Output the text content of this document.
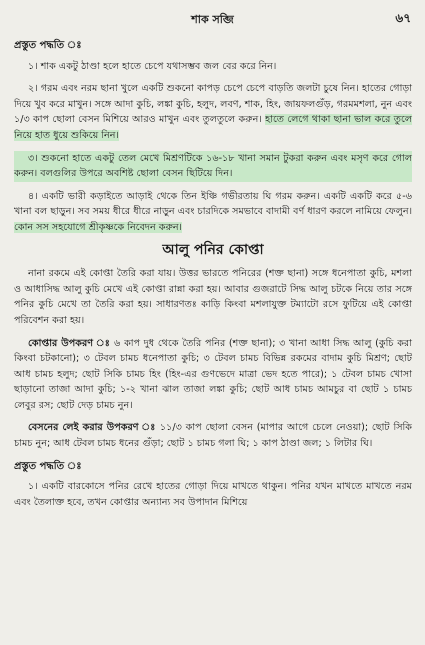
শাক সব্জি	৬৭
প্রস্তুত পদ্ধতি ঃ

১। শাক একটু ঠাণ্ডা হলে হাতে চেপে যথাসম্ভব জল বের করে নিন।

২। গরম এবং নরম ছানা খুলে একটি শুকনো কাপড় চেপে চেপে বাড়তি জলটা চুষে নিন। হাতের গোড়া দিয়ে খুব করে মাখুন। সঙ্গে আদা কুচি, লঙ্কা কুচি, হলুদ, লবণ, শাক, হিং, জায়ফলগুঁড়, গরমমশলা, নুন এবং ১/৩ কাপ ছোলা বেসন মিশিয়ে আরও মাখুন এবং তুলতুলে করুন। হাতে লেগে থাকা ছানা ভাল করে তুলে নিয়ে হাত ধুয়ে শুকিয়ে নিন।

৩। শুকনো হাতে একটু তেল মেখে মিশ্রণটিকে ১৬-১৮ খানা সমান টুকরা করুন এবং মসৃণ করে গোল করুন। বলগুলির উপরে অবশিষ্ট ছোলা বেসন ছিটিয়ে দিন।

৪। একটি ভারী কড়াইতে আড়াই থেকে তিন ইঞ্চি গভীরতায় ঘি গরম করুন। একটি একটি করে ৫-৬ খানা বল ছাড়ুন। সব সময় ধীরে ধীরে নাড়ুন এবং চারদিকে সমভাবে বাদামী বর্ণ ধারণ করলে নামিয়ে ফেলুন। কোন সস সহযোগে শ্রীকৃষ্ণকে নিবেদন করুন।

আলু পনির কোপ্তা

নানা রকমে এই কোপ্তা তৈরি করা যায়। উত্তর ভারতে পনিরের (শক্ত ছানা) সঙ্গে ধনেপাতা কুচি, মশলা ও আধাসিদ্ধ আলু কুচি মেখে এই কোপ্তা রান্না করা হয়। আবার গুজরাটে সিদ্ধ আলু চটকে নিয়ে তার সঙ্গে পনির কুচি মেখে তা তৈরি করা হয়। সাধারণতঃ কাড়ি কিংবা মশলাযুক্ত টম্যাটো রসে ফুটিয়ে এই কোপ্তা পরিবেশন করা হয়।

কোপ্তার উপকরণ ঃ ৬ কাপ দুধ থেকে তৈরি পনির (শক্ত ছানা); ৩ খানা আধা সিদ্ধ আলু (কুচি করা কিংবা চটকানো); ৩ টেবল চামচ ধনেপাতা কুচি; ৩ টেবল চামচ বিভিন্ন রকমের বাদাম কুচি মিশ্রণ; ছোট আধ চামচ হলুদ; ছোট সিকি চামচ হিং (হিং-এর গুণভেদে মাত্রা ভেদ হতে পারে); ১ টেবল চামচ খোসা ছাড়ানো তাজা আদা কুচি; ১-২ খানা ঝাল তাজা লঙ্কা কুচি; ছোট আধ চামচ আমচুর বা ছোট ১ চামচ লেবুর রস; ছোট দেড় চামচ নুন।

বেসনের লেই করার উপকরণ ঃ ১১/৩ কাপ ছোলা বেসন (মাপার আগে চেলে নেওয়া); ছোট সিকি চামচ নুন; আধ টেবল চামচ ধনের গুঁড়া; ছোট ১ চামচ গলা ঘি; ১ কাপ ঠাণ্ডা জল; ১ লিটার ঘি।

প্রস্তুত পদ্ধতি ঃ

১। একটি বারকোসে পনির রেখে হাতের গোড়া দিয়ে মাখতে থাকুন। পনির যখন মাখতে মাখতে নরম এবং তৈলাক্ত হবে, তখন কোপ্তার অন্যান্য সব উপাদান মিশিয়ে
